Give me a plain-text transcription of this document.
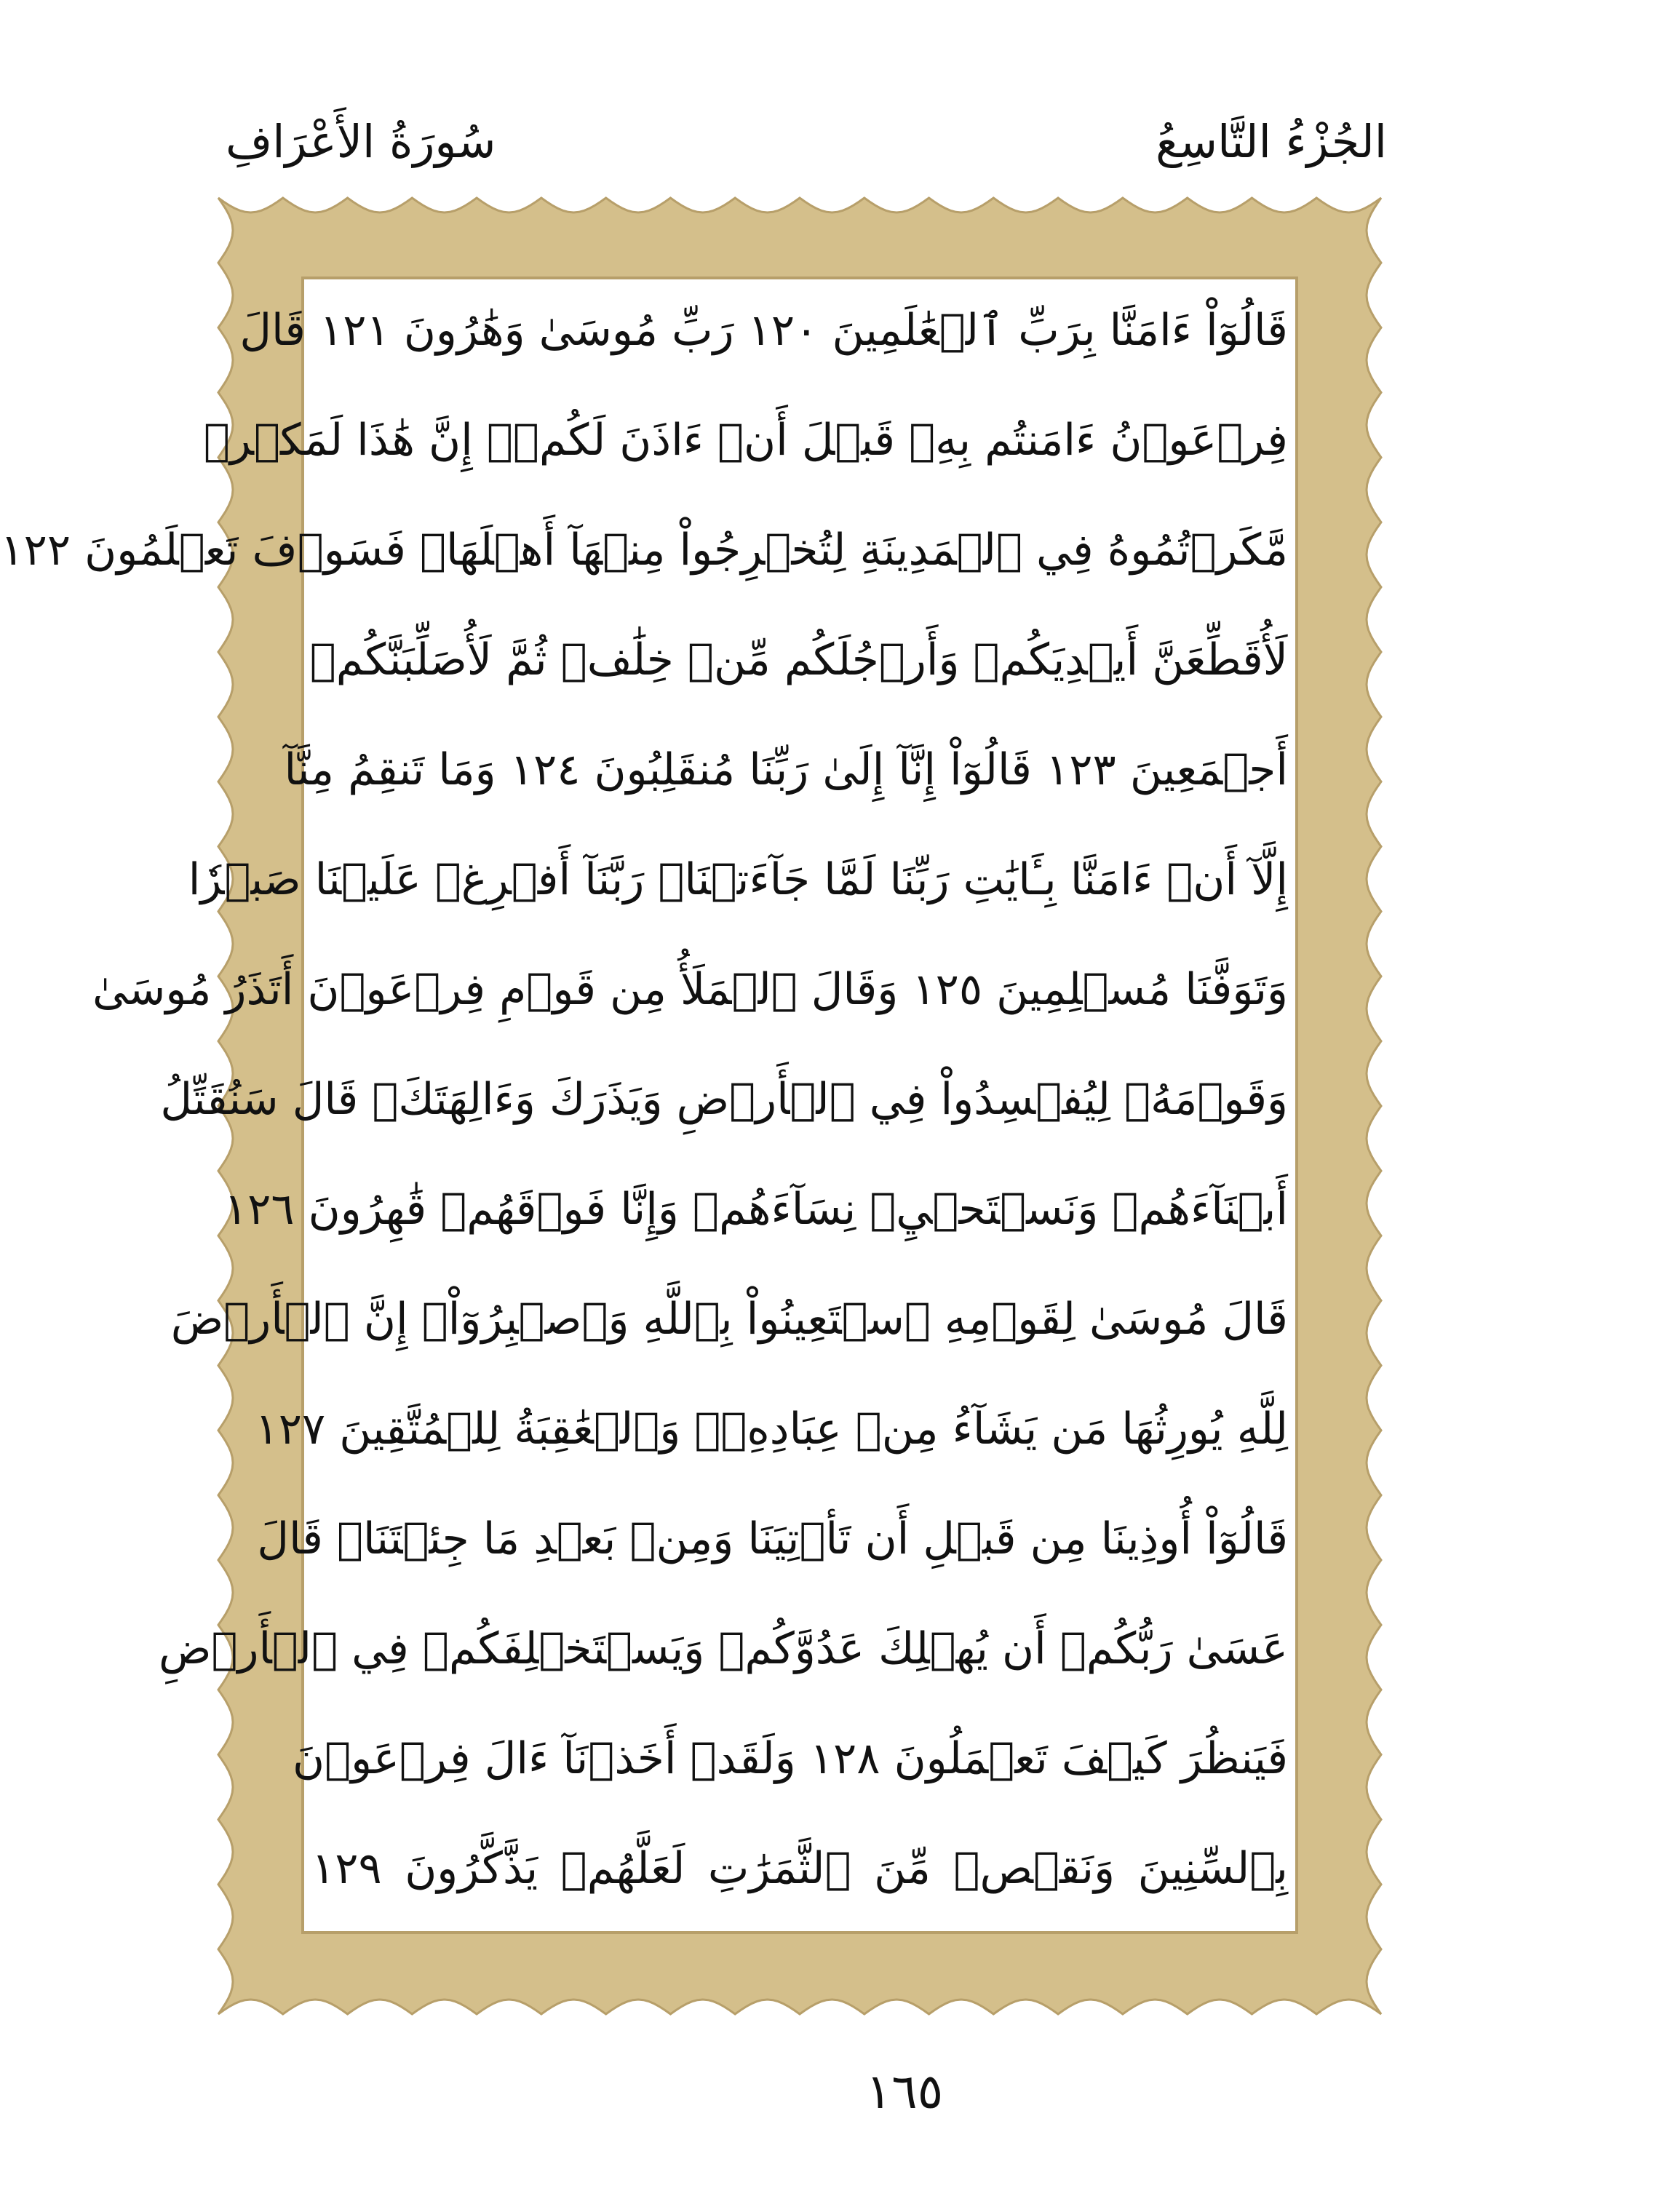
الجُزْءُ التَّاسِعُ
سُورَةُ الأَعْرَافِ
قَالُوٓاْ ءَامَنَّا بِرَبِّ ٱلۡعَٰلَمِينَ ١٢٠ رَبِّ مُوسَىٰ وَهَٰرُونَ ١٢١ قَالَ
فِرۡعَوۡنُ ءَامَنتُم بِهِۦ قَبۡلَ أَنۡ ءَاذَنَ لَكُمۡۖ إِنَّ هَٰذَا لَمَكۡرٞ
مَّكَرۡتُمُوهُ فِي ٱلۡمَدِينَةِ لِتُخۡرِجُواْ مِنۡهَآ أَهۡلَهَاۖ فَسَوۡفَ تَعۡلَمُونَ ١٢٢
لَأُقَطِّعَنَّ أَيۡدِيَكُمۡ وَأَرۡجُلَكُم مِّنۡ خِلَٰفٖ ثُمَّ لَأُصَلِّبَنَّكُمۡ
أَجۡمَعِينَ ١٢٣ قَالُوٓاْ إِنَّآ إِلَىٰ رَبِّنَا مُنقَلِبُونَ ١٢٤ وَمَا تَنقِمُ مِنَّآ
إِلَّآ أَنۡ ءَامَنَّا بِـَٔايَٰتِ رَبِّنَا لَمَّا جَآءَتۡنَاۚ رَبَّنَآ أَفۡرِغۡ عَلَيۡنَا صَبۡرٗا
وَتَوَفَّنَا مُسۡلِمِينَ ١٢٥ وَقَالَ ٱلۡمَلَأُ مِن قَوۡمِ فِرۡعَوۡنَ أَتَذَرُ مُوسَىٰ
وَقَوۡمَهُۥ لِيُفۡسِدُواْ فِي ٱلۡأَرۡضِ وَيَذَرَكَ وَءَالِهَتَكَۚ قَالَ سَنُقَتِّلُ
أَبۡنَآءَهُمۡ وَنَسۡتَحۡيِۦ نِسَآءَهُمۡ وَإِنَّا فَوۡقَهُمۡ قَٰهِرُونَ ١٢٦
قَالَ مُوسَىٰ لِقَوۡمِهِ ٱسۡتَعِينُواْ بِٱللَّهِ وَٱصۡبِرُوٓاْۖ إِنَّ ٱلۡأَرۡضَ
لِلَّهِ يُورِثُهَا مَن يَشَآءُ مِنۡ عِبَادِهِۦۖ وَٱلۡعَٰقِبَةُ لِلۡمُتَّقِينَ ١٢٧
قَالُوٓاْ أُوذِينَا مِن قَبۡلِ أَن تَأۡتِيَنَا وَمِنۢ بَعۡدِ مَا جِئۡتَنَاۚ قَالَ
عَسَىٰ رَبُّكُمۡ أَن يُهۡلِكَ عَدُوَّكُمۡ وَيَسۡتَخۡلِفَكُمۡ فِي ٱلۡأَرۡضِ
فَيَنظُرَ كَيۡفَ تَعۡمَلُونَ ١٢٨ وَلَقَدۡ أَخَذۡنَآ ءَالَ فِرۡعَوۡنَ
بِٱلسِّنِينَ وَنَقۡصٖ مِّنَ ٱلثَّمَرَٰتِ لَعَلَّهُمۡ يَذَّكَّرُونَ ١٢٩
١٦٥
